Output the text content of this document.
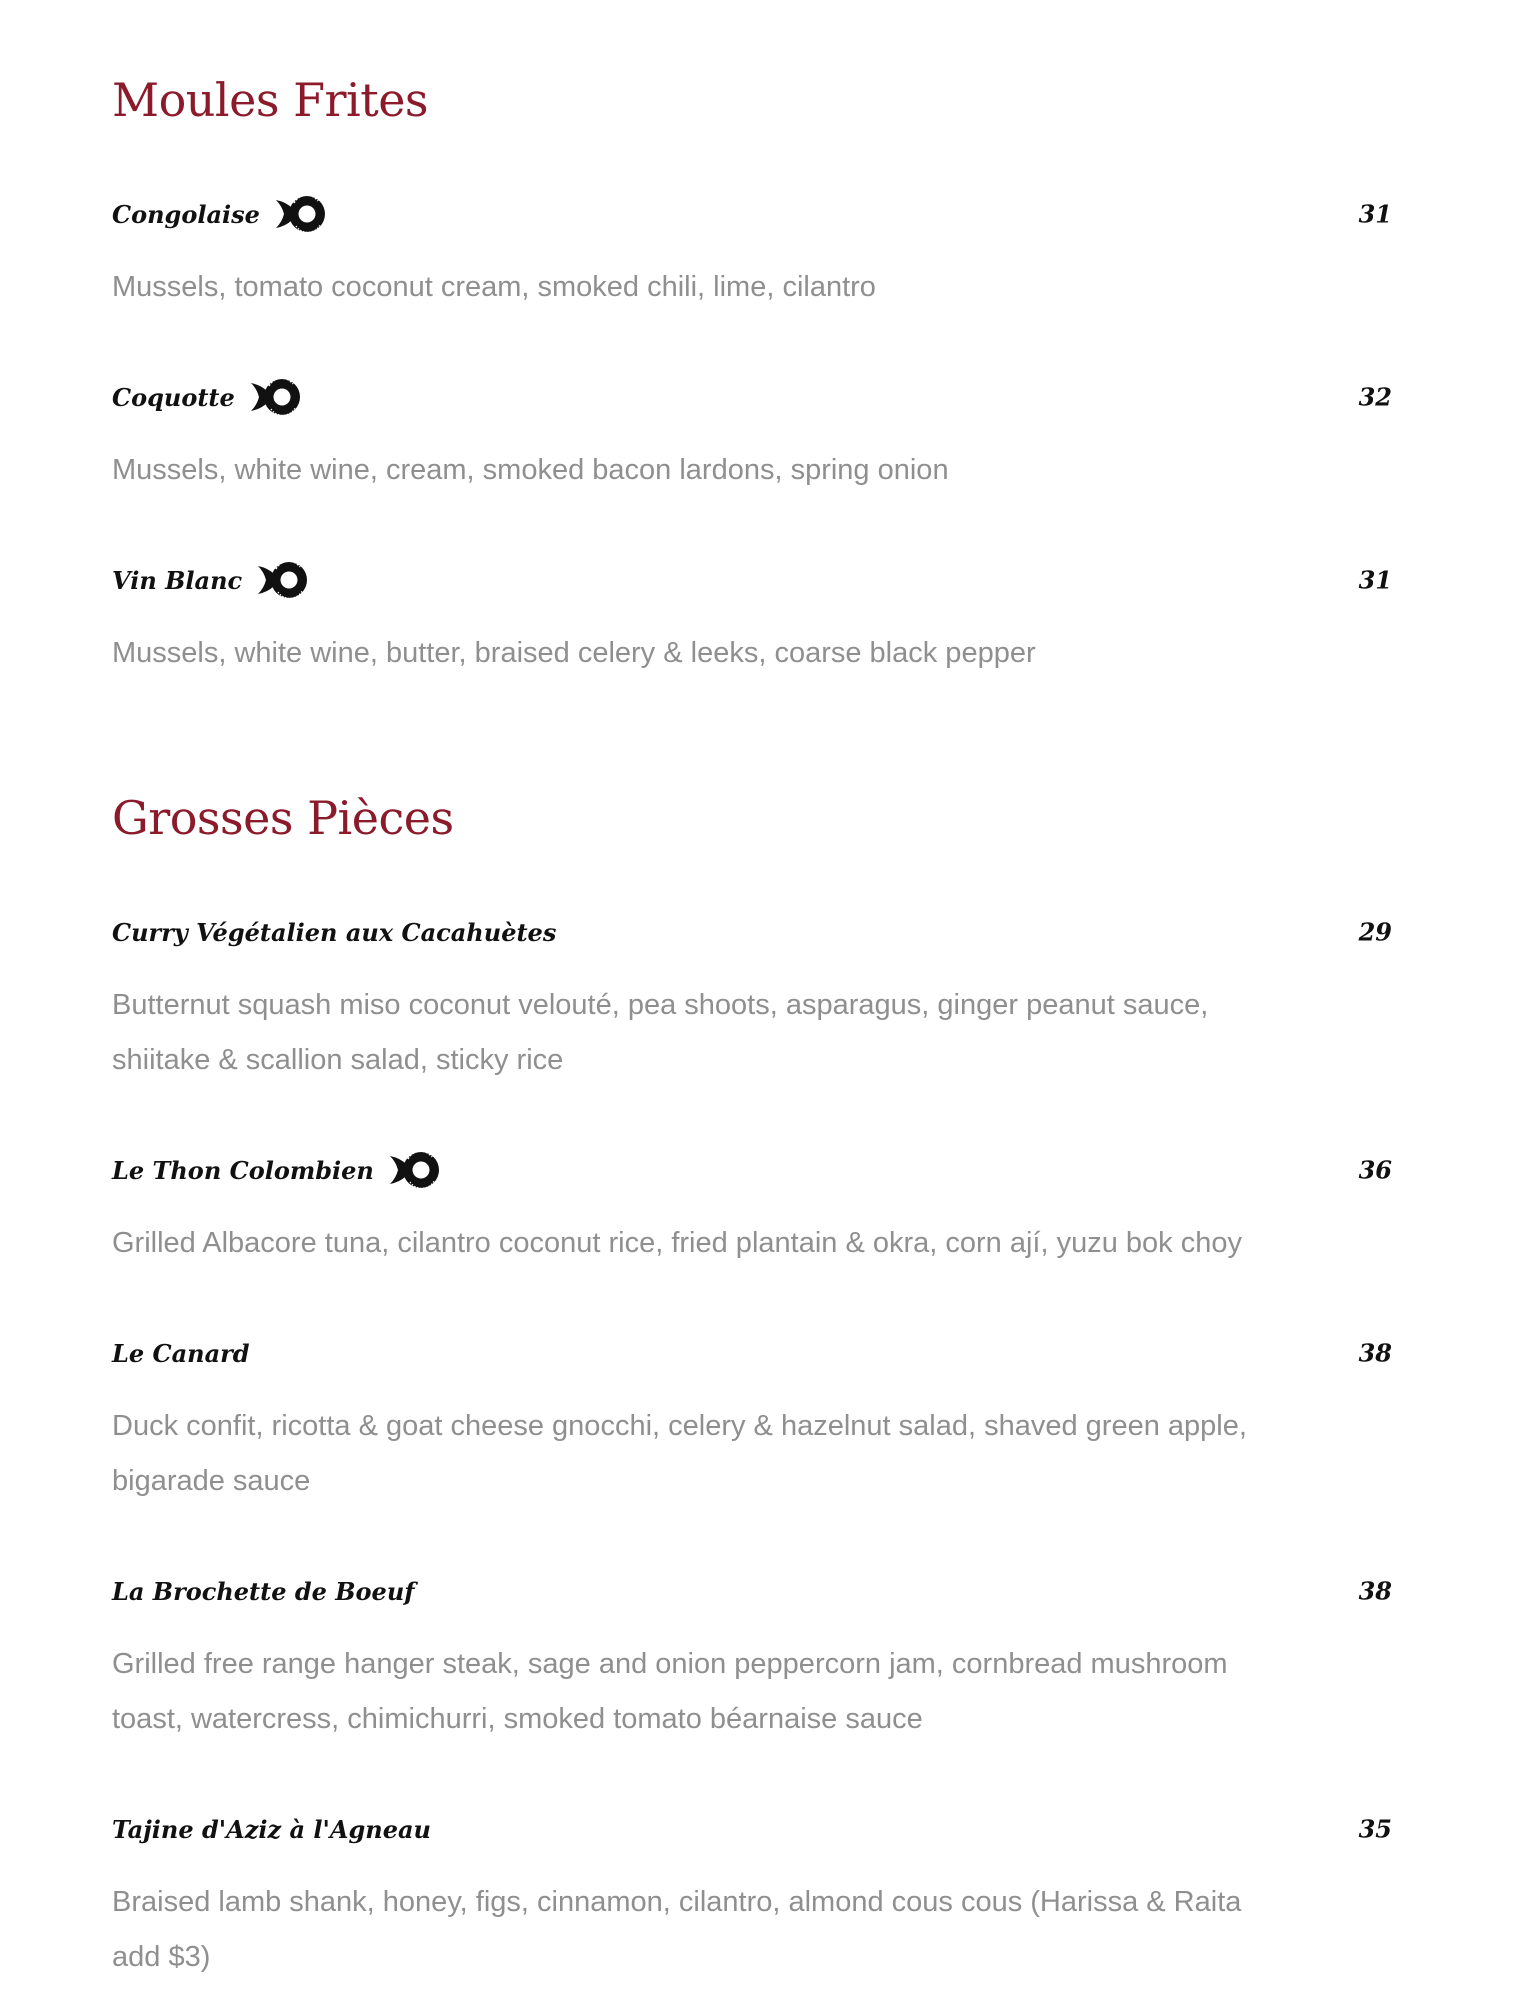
Moules Frites
Congolaise	31
Mussels, tomato coconut cream, smoked chili, lime, cilantro
Coquotte	32
Mussels, white wine, cream, smoked bacon lardons, spring onion
Vin Blanc	31
Mussels, white wine, butter, braised celery & leeks, coarse black pepper
Grosses Pièces
Curry Végétalien aux Cacahuètes	29
Butternut squash miso coconut velouté, pea shoots, asparagus, ginger peanut sauce, shiitake & scallion salad, sticky rice
Le Thon Colombien	36
Grilled Albacore tuna, cilantro coconut rice, fried plantain & okra, corn ají, yuzu bok choy
Le Canard	38
Duck confit, ricotta & goat cheese gnocchi, celery & hazelnut salad, shaved green apple, bigarade sauce
La Brochette de Boeuf	38
Grilled free range hanger steak, sage and onion peppercorn jam, cornbread mushroom toast, watercress, chimichurri, smoked tomato béarnaise sauce
Tajine d'Aziz à l'Agneau	35
Braised lamb shank, honey, figs, cinnamon, cilantro, almond cous cous (Harissa & Raita add $3)
